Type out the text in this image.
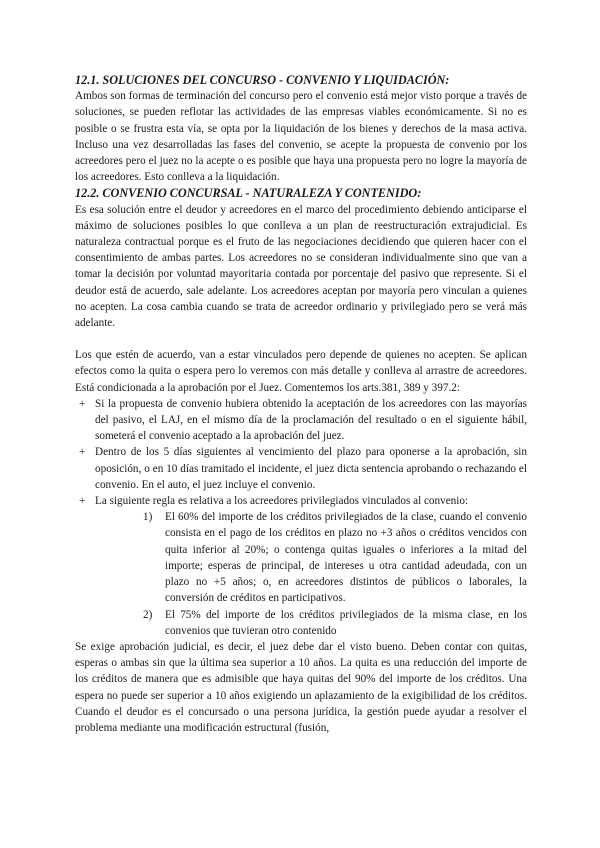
12.1. SOLUCIONES DEL CONCURSO - CONVENIO Y LIQUIDACIÓN:

Ambos son formas de terminación del concurso pero el convenio está mejor visto porque a través de soluciones, se pueden reflotar las actividades de las empresas viables económicamente. Si no es posible o se frustra esta vía, se opta por la liquidación de los bienes y derechos de la masa activa. Incluso una vez desarrolladas las fases del convenio, se acepte la propuesta de convenio por los acreedores pero el juez no la acepte o es posible que haya una propuesta pero no logre la mayoría de los acreedores. Esto conlleva a la liquidación.

12.2. CONVENIO CONCURSAL - NATURALEZA Y CONTENIDO:

Es esa solución entre el deudor y acreedores en el marco del procedimiento debiendo anticiparse el máximo de soluciones posibles lo que conlleva a un plan de reestructuración extrajudicial. Es naturaleza contractual porque es el fruto de las negociaciones decidiendo que quieren hacer con el consentimiento de ambas partes. Los acreedores no se consideran individualmente sino que van a tomar la decisión por voluntad mayoritaria contada por porcentaje del pasivo que represente. Si el deudor está de acuerdo, sale adelante. Los acreedores aceptan por mayoría pero vinculan a quienes no acepten. La cosa cambia cuando se trata de acreedor ordinario y privilegiado pero se verá más adelante.

Los que estén de acuerdo, van a estar vinculados pero depende de quienes no acepten. Se aplican efectos como la quita o espera pero lo veremos con más detalle y conlleva al arrastre de acreedores. Está condicionada a la aprobación por el Juez. Comentemos los arts.381, 389 y 397.2:

+ Si la propuesta de convenio hubiera obtenido la aceptación de los acreedores con las mayorías del pasivo, el LAJ, en el mismo día de la proclamación del resultado o en el siguiente hábil, someterá el convenio aceptado a la aprobación del juez.
+ Dentro de los 5 días siguientes al vencimiento del plazo para oponerse a la aprobación, sin oposición, o en 10 días tramitado el incidente, el juez dicta sentencia aprobando o rechazando el convenio. En el auto, el juez incluye el convenio.
+ La siguiente regla es relativa a los acreedores privilegiados vinculados al convenio:
1) El 60% del importe de los créditos privilegiados de la clase, cuando el convenio consista en el pago de los créditos en plazo no +3 años o créditos vencidos con quita inferior al 20%; o contenga quitas iguales o inferiores a la mitad del importe; esperas de principal, de intereses u otra cantidad adeudada, con un plazo no +5 años; o, en acreedores distintos de públicos o laborales, la conversión de créditos en participativos.
2) El 75% del importe de los créditos privilegiados de la misma clase, en los convenios que tuvieran otro contenido

Se exige aprobación judicial, es decir, el juez debe dar el visto bueno. Deben contar con quitas, esperas o ambas sin que la última sea superior a 10 años. La quita es una reducción del importe de los créditos de manera que es admisible que haya quitas del 90% del importe de los créditos. Una espera no puede ser superior a 10 años exigiendo un aplazamiento de la exigibilidad de los créditos. Cuando el deudor es el concursado o una persona jurídica, la gestión puede ayudar a resolver el problema mediante una modificación estructural (fusión,
